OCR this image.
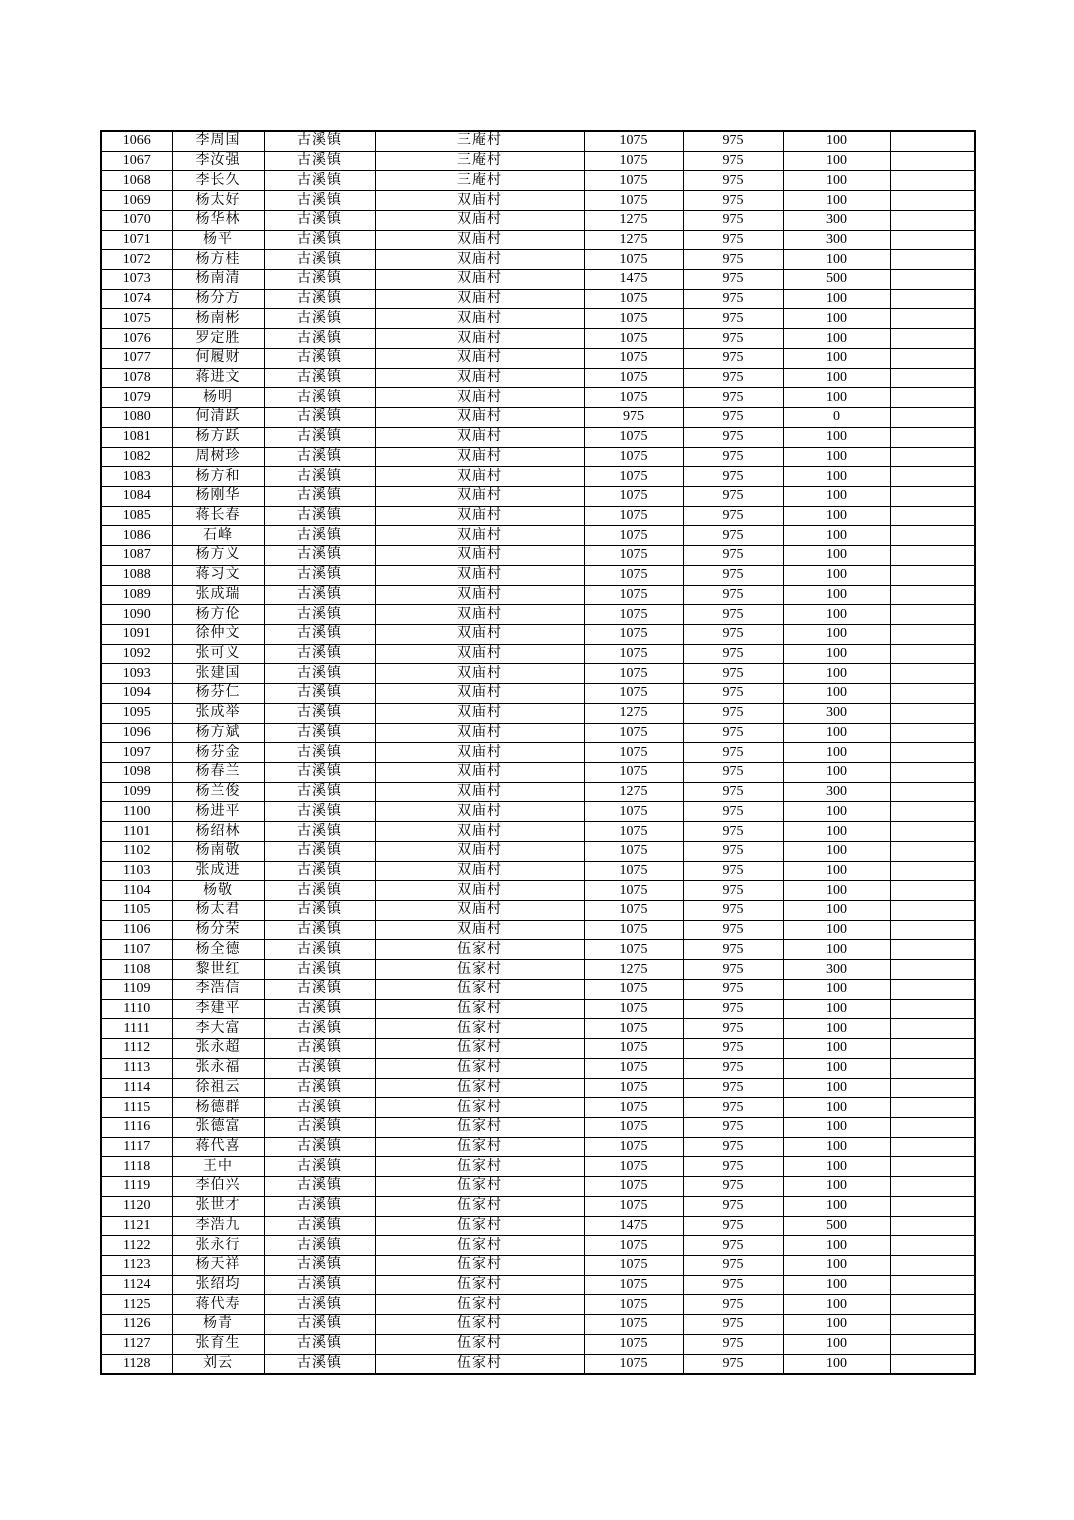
1066	李周国	古溪镇	三庵村	1075	975	100	
1067	李汝强	古溪镇	三庵村	1075	975	100	
1068	李长久	古溪镇	三庵村	1075	975	100	
1069	杨太好	古溪镇	双庙村	1075	975	100	
1070	杨华林	古溪镇	双庙村	1275	975	300	
1071	杨平	古溪镇	双庙村	1275	975	300	
1072	杨方桂	古溪镇	双庙村	1075	975	100	
1073	杨南清	古溪镇	双庙村	1475	975	500	
1074	杨分方	古溪镇	双庙村	1075	975	100	
1075	杨南彬	古溪镇	双庙村	1075	975	100	
1076	罗定胜	古溪镇	双庙村	1075	975	100	
1077	何履财	古溪镇	双庙村	1075	975	100	
1078	蒋进文	古溪镇	双庙村	1075	975	100	
1079	杨明	古溪镇	双庙村	1075	975	100	
1080	何清跃	古溪镇	双庙村	975	975	0	
1081	杨方跃	古溪镇	双庙村	1075	975	100	
1082	周树珍	古溪镇	双庙村	1075	975	100	
1083	杨方和	古溪镇	双庙村	1075	975	100	
1084	杨刚华	古溪镇	双庙村	1075	975	100	
1085	蒋长春	古溪镇	双庙村	1075	975	100	
1086	石峰	古溪镇	双庙村	1075	975	100	
1087	杨方义	古溪镇	双庙村	1075	975	100	
1088	蒋习文	古溪镇	双庙村	1075	975	100	
1089	张成瑞	古溪镇	双庙村	1075	975	100	
1090	杨方伦	古溪镇	双庙村	1075	975	100	
1091	徐仲文	古溪镇	双庙村	1075	975	100	
1092	张可义	古溪镇	双庙村	1075	975	100	
1093	张建国	古溪镇	双庙村	1075	975	100	
1094	杨芬仁	古溪镇	双庙村	1075	975	100	
1095	张成举	古溪镇	双庙村	1275	975	300	
1096	杨方斌	古溪镇	双庙村	1075	975	100	
1097	杨芬金	古溪镇	双庙村	1075	975	100	
1098	杨春兰	古溪镇	双庙村	1075	975	100	
1099	杨兰俊	古溪镇	双庙村	1275	975	300	
1100	杨进平	古溪镇	双庙村	1075	975	100	
1101	杨绍林	古溪镇	双庙村	1075	975	100	
1102	杨南敬	古溪镇	双庙村	1075	975	100	
1103	张成进	古溪镇	双庙村	1075	975	100	
1104	杨敬	古溪镇	双庙村	1075	975	100	
1105	杨太君	古溪镇	双庙村	1075	975	100	
1106	杨分荣	古溪镇	双庙村	1075	975	100	
1107	杨全德	古溪镇	伍家村	1075	975	100	
1108	黎世红	古溪镇	伍家村	1275	975	300	
1109	李浩信	古溪镇	伍家村	1075	975	100	
1110	李建平	古溪镇	伍家村	1075	975	100	
1111	李大富	古溪镇	伍家村	1075	975	100	
1112	张永超	古溪镇	伍家村	1075	975	100	
1113	张永福	古溪镇	伍家村	1075	975	100	
1114	徐祖云	古溪镇	伍家村	1075	975	100	
1115	杨德群	古溪镇	伍家村	1075	975	100	
1116	张德富	古溪镇	伍家村	1075	975	100	
1117	蒋代喜	古溪镇	伍家村	1075	975	100	
1118	王中	古溪镇	伍家村	1075	975	100	
1119	李伯兴	古溪镇	伍家村	1075	975	100	
1120	张世才	古溪镇	伍家村	1075	975	100	
1121	李浩九	古溪镇	伍家村	1475	975	500	
1122	张永行	古溪镇	伍家村	1075	975	100	
1123	杨天祥	古溪镇	伍家村	1075	975	100	
1124	张绍均	古溪镇	伍家村	1075	975	100	
1125	蒋代寿	古溪镇	伍家村	1075	975	100	
1126	杨青	古溪镇	伍家村	1075	975	100	
1127	张育生	古溪镇	伍家村	1075	975	100	
1128	刘云	古溪镇	伍家村	1075	975	100	
